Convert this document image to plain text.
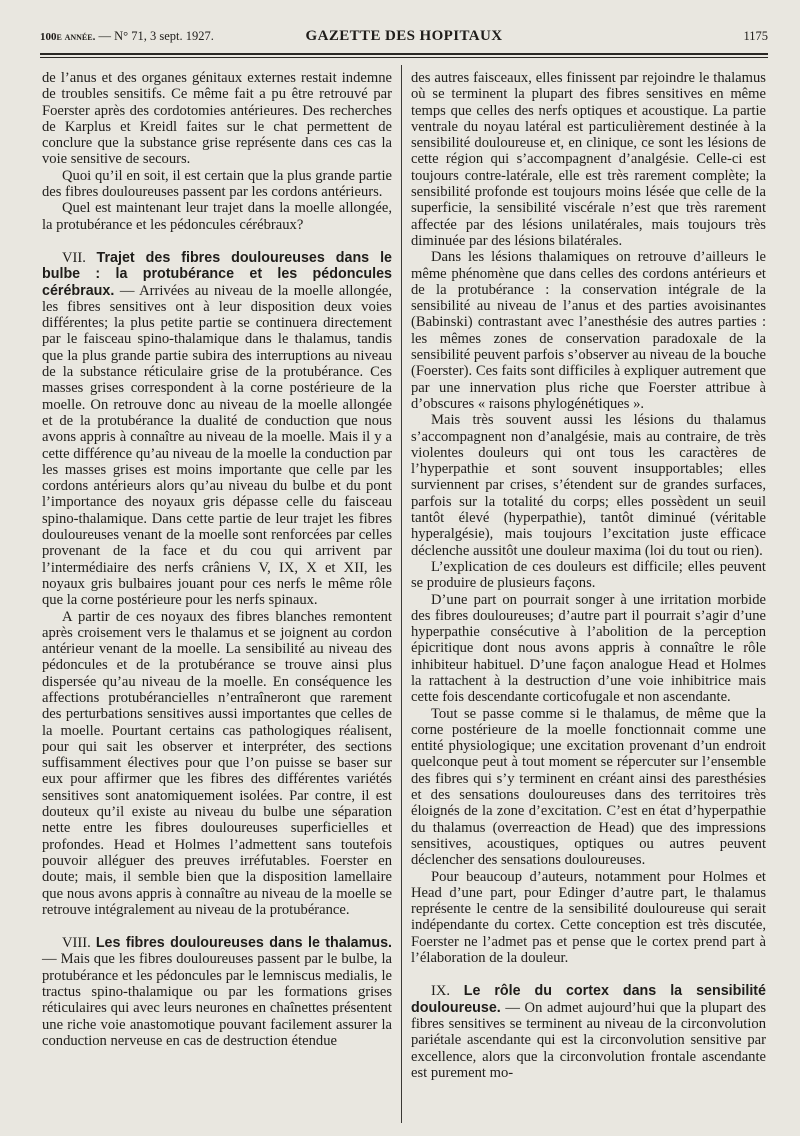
100e année. — N° 71, 3 sept. 1927.	GAZETTE DES HOPITAUX	1175

de l’anus et des organes génitaux externes restait indemne de troubles sensitifs. Ce même fait a pu être retrouvé par Foerster après des cordotomies antérieures. Des recherches de Karplus et Kreidl faites sur le chat permettent de conclure que la substance grise représente dans ces cas la voie sensitive de secours.

Quoi qu’il en soit, il est certain que la plus grande partie des fibres douloureuses passent par les cordons antérieurs.

Quel est maintenant leur trajet dans la moelle allongée, la protubérance et les pédoncules cérébraux?

VII. Trajet des fibres douloureuses dans le bulbe : la protubérance et les pédoncules cérébraux. — Arrivées au niveau de la moelle allongée, les fibres sensitives ont à leur disposition deux voies différentes; la plus petite partie se continuera directement par le faisceau spino-thalamique dans le thalamus, tandis que la plus grande partie subira des interruptions au niveau de la substance réticulaire grise de la protubérance. Ces masses grises correspondent à la corne postérieure de la moelle. On retrouve donc au niveau de la moelle allongée et de la protubérance la dualité de conduction que nous avons appris à connaître au niveau de la moelle. Mais il y a cette différence qu’au niveau de la moelle la conduction par les masses grises est moins importante que celle par les cordons antérieurs alors qu’au niveau du bulbe et du pont l’importance des noyaux gris dépasse celle du faisceau spino-thalamique. Dans cette partie de leur trajet les fibres douloureuses venant de la moelle sont renforcées par celles provenant de la face et du cou qui arrivent par l’intermédiaire des nerfs crâniens V, IX, X et XII, les noyaux gris bulbaires jouant pour ces nerfs le même rôle que la corne postérieure pour les nerfs spinaux.

A partir de ces noyaux des fibres blanches remontent après croisement vers le thalamus et se joignent au cordon antérieur venant de la moelle. La sensibilité au niveau des pédoncules et de la protubérance se trouve ainsi plus dispersée qu’au niveau de la moelle. En conséquence les affections protubérancielles n’entraîneront que rarement des perturbations sensitives aussi importantes que celles de la moelle. Pourtant certains cas pathologiques réalisent, pour qui sait les observer et interpréter, des sections suffisamment électives pour que l’on puisse se baser sur eux pour affirmer que les fibres des différentes variétés sensitives sont anatomiquement isolées. Par contre, il est douteux qu’il existe au niveau du bulbe une séparation nette entre les fibres douloureuses superficielles et profondes. Head et Holmes l’admettent sans toutefois pouvoir alléguer des preuves irréfutables. Foerster en doute; mais, il semble bien que la disposition lamellaire que nous avons appris à connaître au niveau de la moelle se retrouve intégralement au niveau de la protubérance.

VIII. Les fibres douloureuses dans le thalamus. — Mais que les fibres douloureuses passent par le bulbe, la protubérance et les pédoncules par le lemniscus medialis, le tractus spino-thalamique ou par les formations grises réticulaires qui avec leurs neurones en chaînettes présentent une riche voie anastomotique pouvant facilement assurer la conduction nerveuse en cas de destruction étendue

des autres faisceaux, elles finissent par rejoindre le thalamus où se terminent la plupart des fibres sensitives en même temps que celles des nerfs optiques et acoustique. La partie ventrale du noyau latéral est particulièrement destinée à la sensibilité douloureuse et, en clinique, ce sont les lésions de cette région qui s’accompagnent d’analgésie. Celle-ci est toujours contre-latérale, elle est très rarement complète; la sensibilité profonde est toujours moins lésée que celle de la superficie, la sensibilité viscérale n’est que très rarement affectée par des lésions unilatérales, mais toujours très diminuée par des lésions bilatérales.

Dans les lésions thalamiques on retrouve d’ailleurs le même phénomène que dans celles des cordons antérieurs et de la protubérance : la conservation intégrale de la sensibilité au niveau de l’anus et des parties avoisinantes (Babinski) contrastant avec l’anesthésie des autres parties : les mêmes zones de conservation paradoxale de la sensibilité peuvent parfois s’observer au niveau de la bouche (Foerster). Ces faits sont difficiles à expliquer autrement que par une innervation plus riche que Foerster attribue à d’obscures « raisons phylogénétiques ».

Mais très souvent aussi les lésions du thalamus s’accompagnent non d’analgésie, mais au contraire, de très violentes douleurs qui ont tous les caractères de l’hyperpathie et sont souvent insupportables; elles surviennent par crises, s’étendent sur de grandes surfaces, parfois sur la totalité du corps; elles possèdent un seuil tantôt élevé (hyperpathie), tantôt diminué (véritable hyperalgésie), mais toujours l’excitation juste efficace déclenche aussitôt une douleur maxima (loi du tout ou rien).

L’explication de ces douleurs est difficile; elles peuvent se produire de plusieurs façons.

D’une part on pourrait songer à une irritation morbide des fibres douloureuses; d’autre part il pourrait s’agir d’une hyperpathie consécutive à l’abolition de la perception épicritique dont nous avons appris à connaître le rôle inhibiteur habituel. D’une façon analogue Head et Holmes la rattachent à la destruction d’une voie inhibitrice mais cette fois descendante corticofugale et non ascendante.

Tout se passe comme si le thalamus, de même que la corne postérieure de la moelle fonctionnait comme une entité physiologique; une excitation provenant d’un endroit quelconque peut à tout moment se répercuter sur l’ensemble des fibres qui s’y terminent en créant ainsi des paresthésies et des sensations douloureuses dans des territoires très éloignés de la zone d’excitation. C’est en état d’hyperpathie du thalamus (overreaction de Head) que des impressions sensitives, acoustiques, optiques ou autres peuvent déclencher des sensations douloureuses.

Pour beaucoup d’auteurs, notamment pour Holmes et Head d’une part, pour Edinger d’autre part, le thalamus représente le centre de la sensibilité douloureuse qui serait indépendante du cortex. Cette conception est très discutée, Foerster ne l’admet pas et pense que le cortex prend part à l’élaboration de la douleur.

IX. Le rôle du cortex dans la sensibilité douloureuse. — On admet aujourd’hui que la plupart des fibres sensitives se terminent au niveau de la circonvolution pariétale ascendante qui est la circonvolution sensitive par excellence, alors que la circonvolution frontale ascendante est purement mo-
